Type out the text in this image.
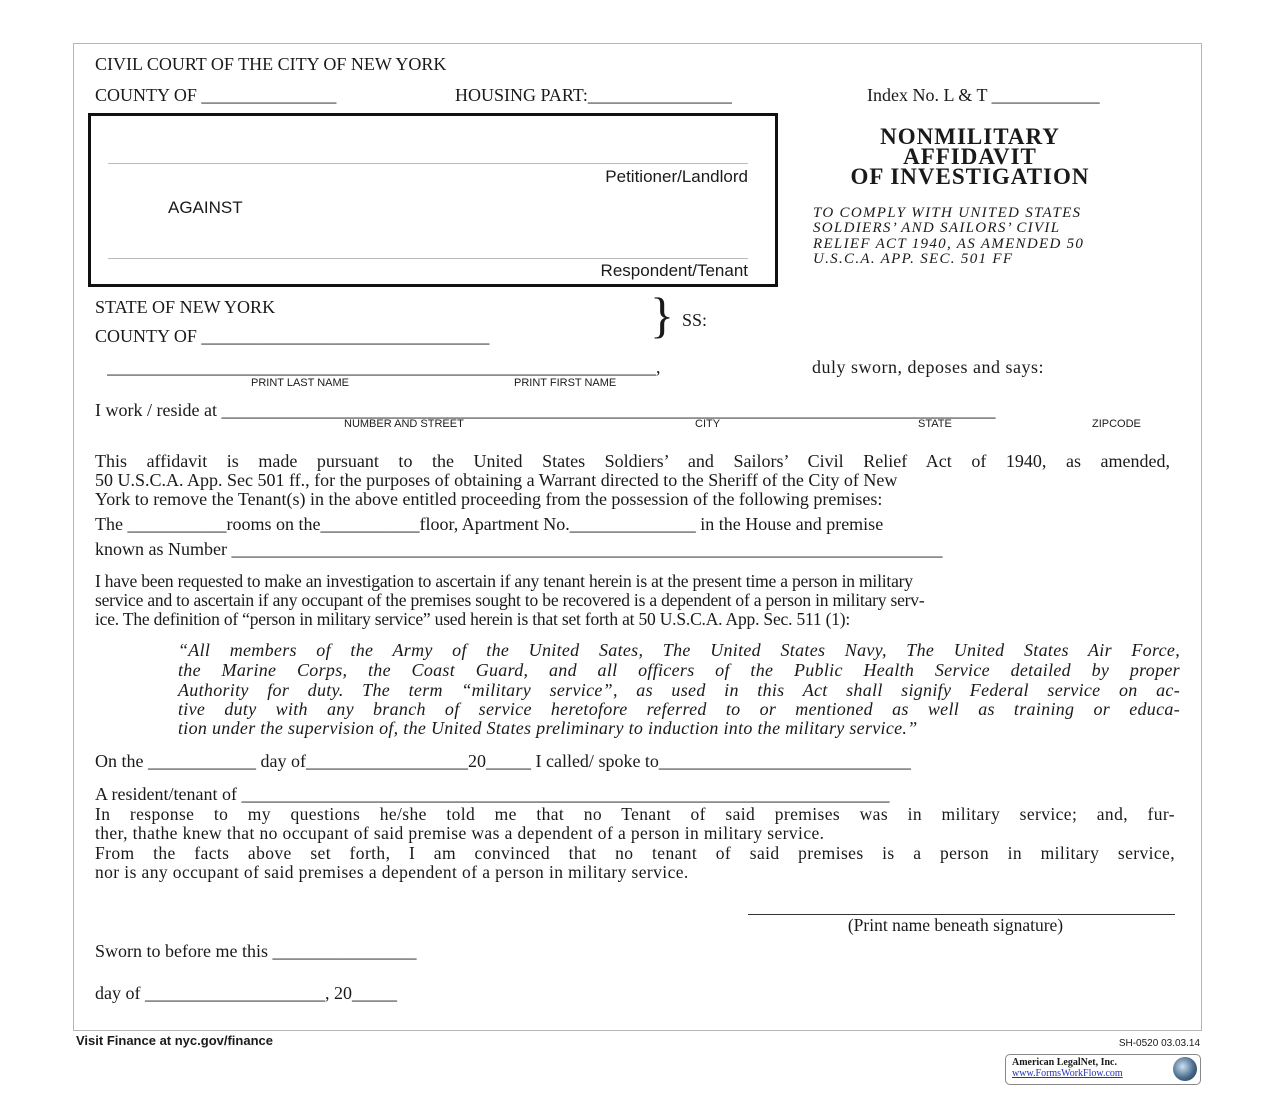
CIVIL COURT OF THE CITY OF NEW YORK
COUNTY OF _______________	HOUSING PART:________________	Index No. L & T ____________
Petitioner/Landlord
AGAINST
Respondent/Tenant
NONMILITARY
AFFIDAVIT
OF INVESTIGATION
TO COMPLY WITH UNITED STATES
SOLDIERS’ AND SAILORS’ CIVIL
RELIEF ACT 1940, AS AMENDED 50
U.S.C.A. APP. SEC. 501 FF
STATE OF NEW YORK
COUNTY OF ________________________________	} SS:
_____________________________________________________________,	duly sworn, deposes and says:
PRINT LAST NAME	PRINT FIRST NAME
I work / reside at ______________________________________________________________________________________
NUMBER AND STREET	CITY	STATE	ZIPCODE
This affidavit is made pursuant to the United States Soldiers’ and Sailors’ Civil Relief Act of 1940, as amended,
50 U.S.C.A. App. Sec 501 ff., for the purposes of obtaining a Warrant directed to the Sheriff of the City of New
York to remove the Tenant(s) in the above entitled proceeding from the possession of the following premises:
The ___________rooms on the___________floor, Apartment No.______________ in the House and premise
known as Number _______________________________________________________________________________
I have been requested to make an investigation to ascertain if any tenant herein is at the present time a person in military
service and to ascertain if any occupant of the premises sought to be recovered is a dependent of a person in military serv-
ice. The definition of “person in military service” used herein is that set forth at 50 U.S.C.A. App. Sec. 511 (1):
“All members of the Army of the United Sates, The United States Navy, The United States Air Force,
the Marine Corps, the Coast Guard, and all officers of the Public Health Service detailed by proper
Authority for duty. The term “military service”, as used in this Act shall signify Federal service on ac-
tive duty with any branch of service heretofore referred to or mentioned as well as training or educa-
tion under the supervision of, the United States preliminary to induction into the military service.”
On the ____________ day of__________________20_____ I called/ spoke to____________________________
A resident/tenant of ________________________________________________________________________
In response to my questions he/she told me that no Tenant of said premises was in military service; and, fur-
ther, thathe knew that no occupant of said premise was a dependent of a person in military service.
From the facts above set forth, I am convinced that no tenant of said premises is a person in military service,
nor is any occupant of said premises a dependent of a person in military service.
(Print name beneath signature)
Sworn to before me this ________________
day of ____________________, 20_____
Visit Finance at nyc.gov/finance	SH-0520 03.03.14
American LegalNet, Inc.
www.FormsWorkFlow.com
